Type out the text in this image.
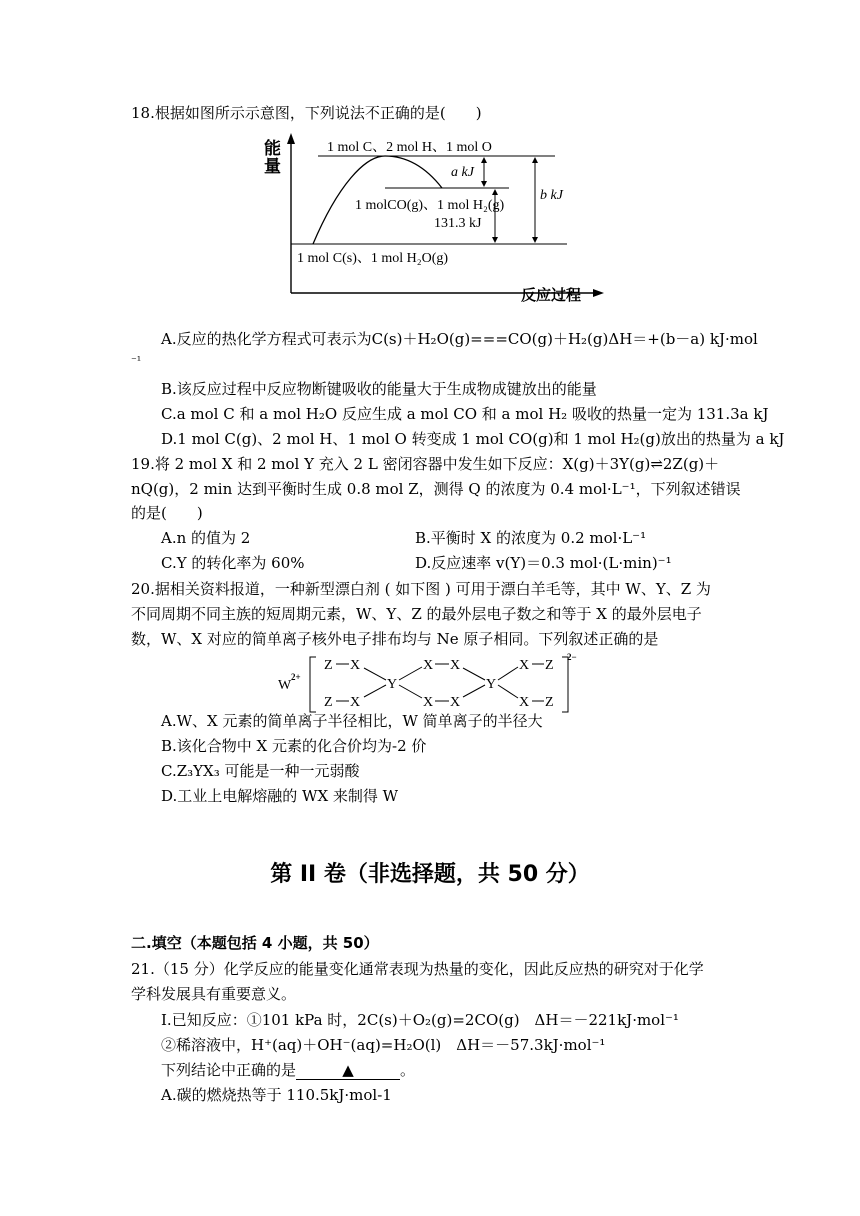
18.根据如图所示示意图，下列说法不正确的是(　　)
能
量
反应过程
1 mol C、2 mol H、1 mol O
a kJ
b kJ
1 molCO(g)、1 mol H₂(g)
131.3 kJ
1 mol C(s)、1 mol H₂O(g)
A.反应的热化学方程式可表示为C(s)＋H₂O(g)===CO(g)＋H₂(g)ΔH＝+(b－a) kJ·mol
⁻¹
B.该反应过程中反应物断键吸收的能量大于生成物成键放出的能量
C.a mol C 和 a mol H₂O 反应生成 a mol CO 和 a mol H₂ 吸收的热量一定为 131.3a kJ
D.1 mol C(g)、2 mol H、1 mol O 转变成 1 mol CO(g)和 1 mol H₂(g)放出的热量为 a kJ
19.将 2 mol X 和 2 mol Y 充入 2 L 密闭容器中发生如下反应：X(g)＋3Y(g)⇌2Z(g)＋
nQ(g)，2 min 达到平衡时生成 0.8 mol Z，测得 Q 的浓度为 0.4 mol·L⁻¹，下列叙述错误
的是(　　)
A.n 的值为 2	B.平衡时 X 的浓度为 0.2 mol·L⁻¹
C.Y 的转化率为 60%	D.反应速率 v(Y)＝0.3 mol·(L·min)⁻¹
20.据相关资料报道，一种新型漂白剂 ( 如下图 ) 可用于漂白羊毛等，其中 W、Y、Z 为
不同周期不同主族的短周期元素，W、Y、Z 的最外层电子数之和等于 X 的最外层电子
数，W、X 对应的简单离子核外电子排布均与 Ne 原子相同。下列叙述正确的是
W
2+
2−
Z X
Z X
Y
X X
X X
Y
X Z
X Z
A.W、X 元素的简单离子半径相比，W 简单离子的半径大
B.该化合物中 X 元素的化合价均为-2 价
C.Z₃YX₃ 可能是一种一元弱酸
D.工业上电解熔融的 WX 来制得 W
第 II 卷（非选择题，共 50 分）
二.填空（本题包括 4 小题，共 50）
21.（15 分）化学反应的能量变化通常表现为热量的变化，因此反应热的研究对于化学
学科发展具有重要意义。
I.已知反应：①101 kPa 时，2C(s)＋O₂(g)=2CO(g)　ΔH＝－221kJ·mol⁻¹
②稀溶液中，H⁺(aq)＋OH⁻(aq)=H₂O(l)　ΔH＝－57.3kJ·mol⁻¹
下列结论中正确的是	▲	。
A.碳的燃烧热等于 110.5kJ·mol-1
